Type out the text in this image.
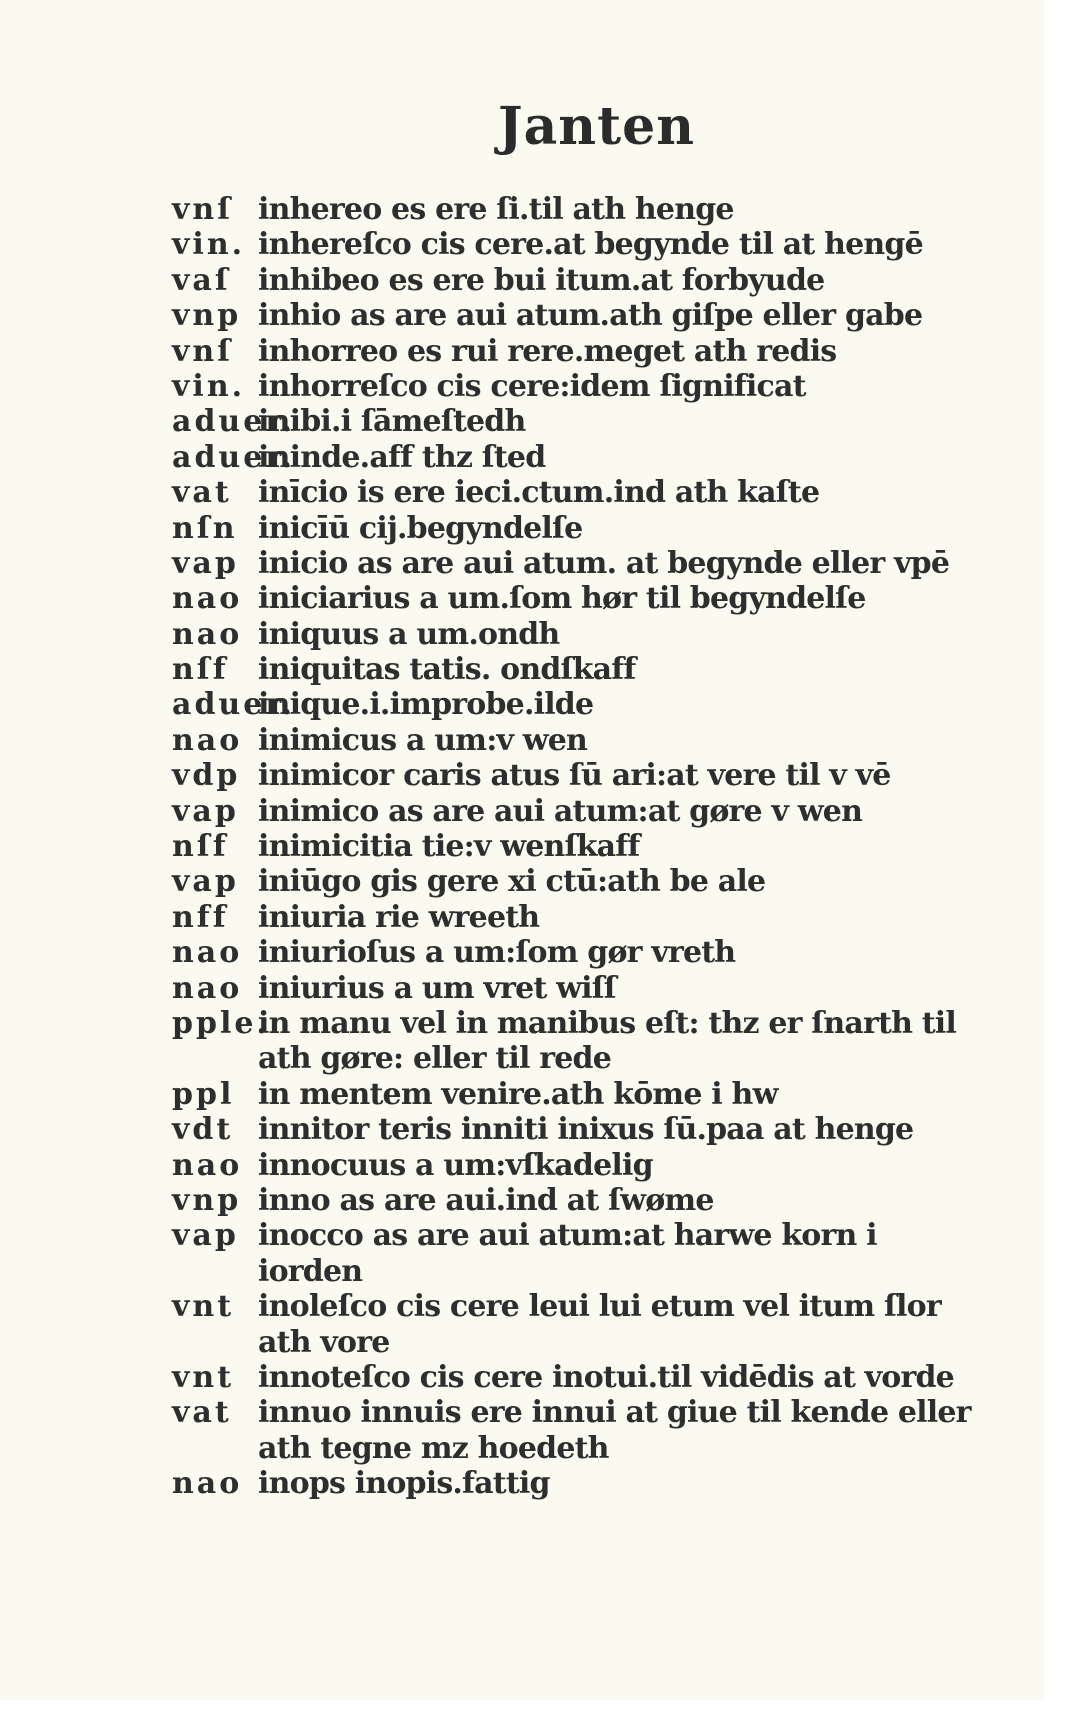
Janten
vnſ inhereo es ere ſi.til ath henge
vin. inhereſco cis cere.at begynde til at hengē
vaſ inhibeo es ere bui itum.at forbyude
vnp inhio as are aui atum.ath giſpe eller gabe
vnſ inhorreo es rui rere.meget ath redis
vin. inhorreſco cis cere:idem ſignificat
aduer.
inibi.i ſāmeſtedh
aduer.
ininde.aff thz ſted
vat inīcio is ere ieci.ctum.ind ath kaſte
nſn inicīū cij.begyndelſe
vap inicio as are aui atum. at begynde eller vpē
nao iniciarius a um.ſom hør til begyndelſe
nao iniquus a um.ondh
nſf iniquitas tatis. ondſkaff
aduer.
inique.i.improbe.ilde
nao inimicus a um:v wen
vdp inimicor caris atus ſū ari:at vere til v vē
vap inimico as are aui atum:at gøre v wen
nſf inimicitia tie:v wenſkaff
vap iniūgo gis gere xi ctū:ath be ale
nff iniuria rie wreeth
nao iniurioſus a um:ſom gør vreth
nao iniurius a um vret wiſſ
pple.
in manu vel in manibus eſt: thz er ſnarth til
ath gøre: eller til rede
ppl in mentem venire.ath kōme i hw
vdt innitor teris inniti inixus ſū.paa at henge
nao innocuus a um:vſkadelig
vnp inno as are aui.ind at ſwøme
vap inocco as are aui atum:at harwe korn i
iorden
vnt inoleſco cis cere leui lui etum vel itum ſlor
ath vore
vnt innoteſco cis cere inotui.til vidēdis at vorde
vat innuo innuis ere innui at giue til kende eller
ath tegne mz hoedeth
nao inops inopis.fattig
